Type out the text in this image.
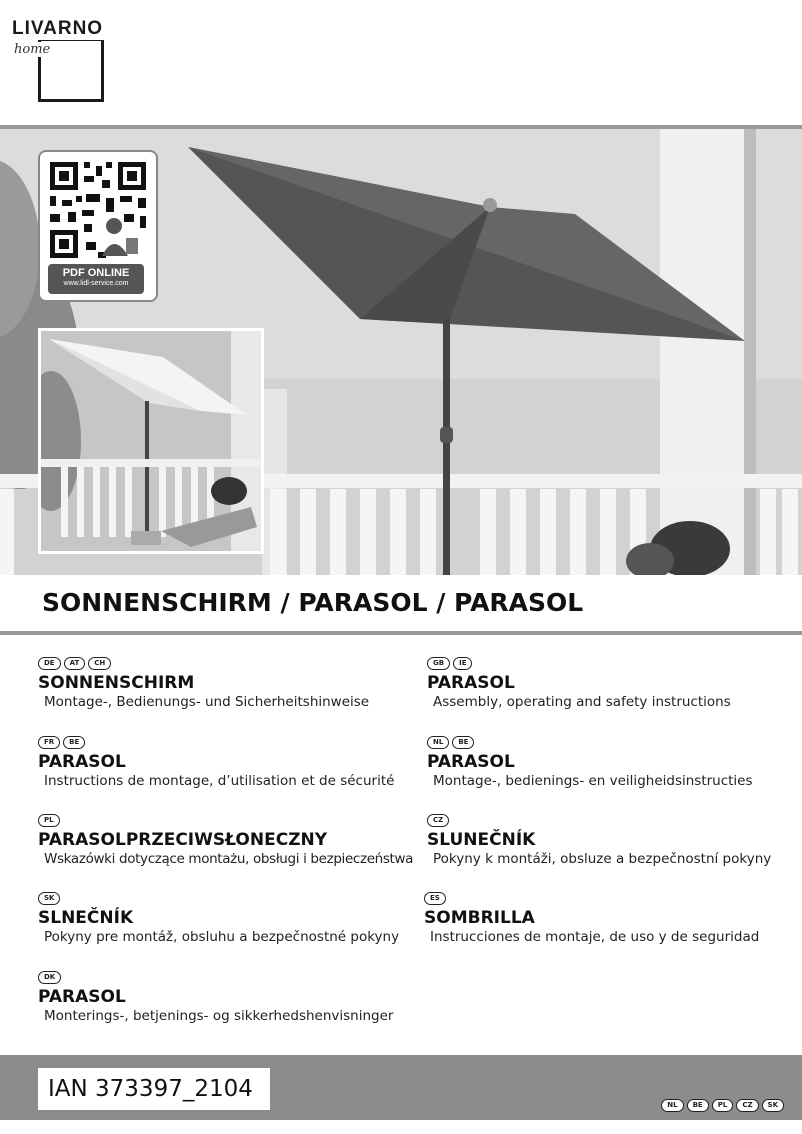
LIVARNO
home
PDF ONLINE
www.lidl-service.com
SONNENSCHIRM / PARASOL / PARASOL
DE	AT	CH
SONNENSCHIRM
Montage-, Bedienungs- und Sicherheitshinweise
GB	IE
PARASOL
Assembly, operating and safety instructions
FR	BE
PARASOL
Instructions de montage, d’utilisation et de sécurité
NL	BE
PARASOL
Montage-, bedienings- en veiligheidsinstructies
PL
PARASOLPRZECIWSŁONECZNY
Wskazówki dotyczące montażu, obsługi i bezpieczeństwa
CZ
SLUNEČNÍK
Pokyny k montáži, obsluze a bezpečnostní pokyny
SK
SLNEČNÍK
Pokyny pre montáž, obsluhu a bezpečnostné pokyny
ES
SOMBRILLA
Instrucciones de montaje, de uso y de seguridad
DK
PARASOL
Monterings-, betjenings- og sikkerhedshenvisninger
IAN 373397_2104
NL	BE	PL	CZ	SK
